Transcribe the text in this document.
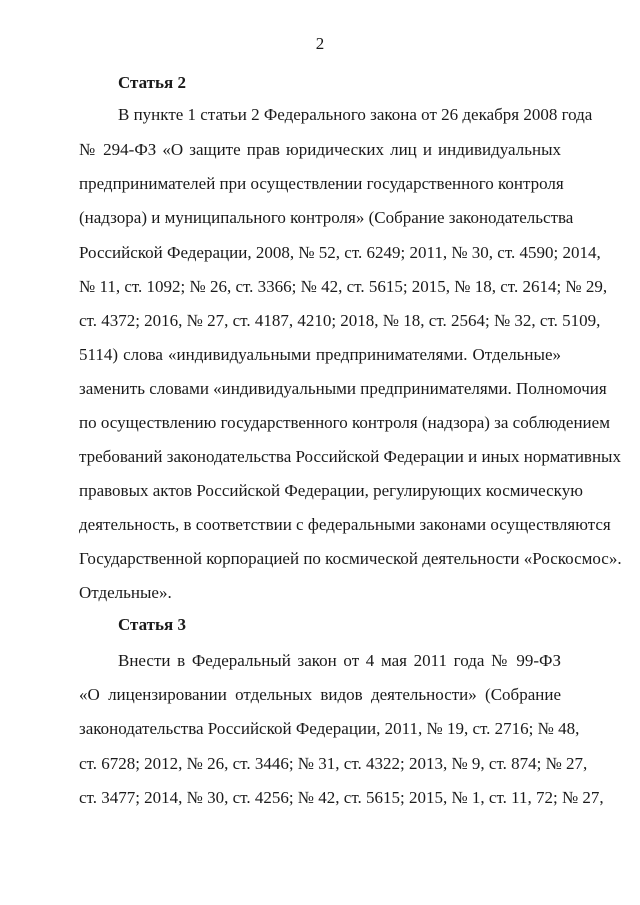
2
Статья 2
В пункте 1 статьи 2 Федерального закона от 26 декабря 2008 года
№ 294-ФЗ «О защите прав юридических лиц и индивидуальных
предпринимателей при осуществлении государственного контроля
(надзора) и муниципального контроля» (Собрание законодательства
Российской Федерации, 2008, № 52, ст. 6249; 2011, № 30, ст. 4590; 2014,
№ 11, ст. 1092; № 26, ст. 3366; № 42, ст. 5615; 2015, № 18, ст. 2614; № 29,
ст. 4372; 2016, № 27, ст. 4187, 4210; 2018, № 18, ст. 2564; № 32, ст. 5109,
5114) слова «индивидуальными предпринимателями. Отдельные»
заменить словами «индивидуальными предпринимателями. Полномочия
по осуществлению государственного контроля (надзора) за соблюдением
требований законодательства Российской Федерации и иных нормативных
правовых актов Российской Федерации, регулирующих космическую
деятельность, в соответствии с федеральными законами осуществляются
Государственной корпорацией по космической деятельности «Роскосмос».
Отдельные».
Статья 3
Внести в Федеральный закон от 4 мая 2011 года № 99-ФЗ
«О лицензировании отдельных видов деятельности» (Собрание
законодательства Российской Федерации, 2011, № 19, ст. 2716; № 48,
ст. 6728; 2012, № 26, ст. 3446; № 31, ст. 4322; 2013, № 9, ст. 874; № 27,
ст. 3477; 2014, № 30, ст. 4256; № 42, ст. 5615; 2015, № 1, ст. 11, 72; № 27,
